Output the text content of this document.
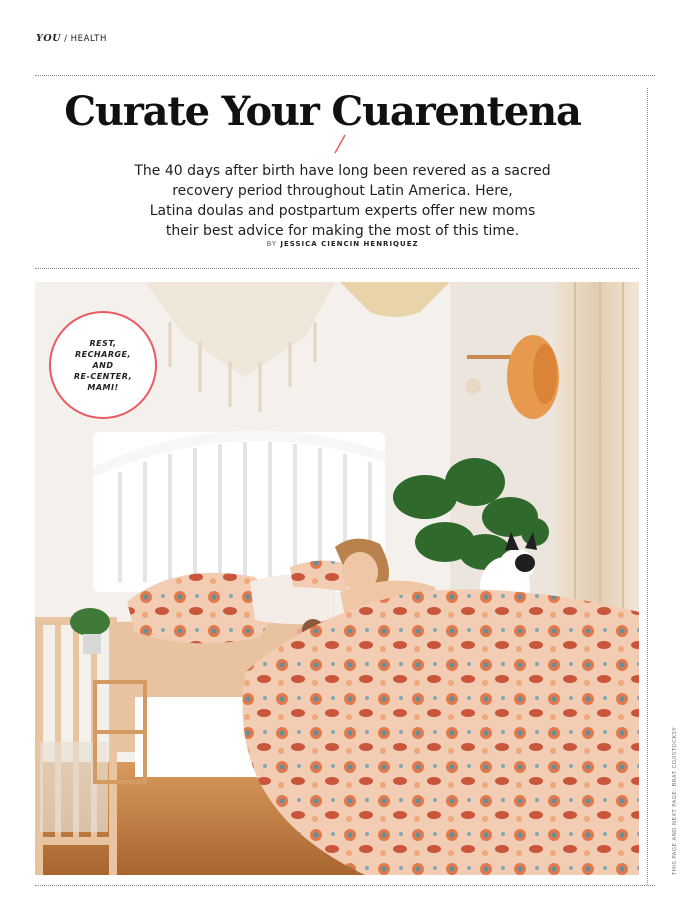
YOU / HEALTH
Curate Your Cuarentena
The 40 days after birth have long been revered as a sacred
recovery period throughout Latin America. Here,
Latina doulas and postpartum experts offer new moms
their best advice for making the most of this time.
BY JESSICA CIENCIN HENRIQUEZ
REST,
RECHARGE,
AND
RE-CENTER,
MAMI!
THIS PAGE AND NEXT PAGE: BRAT CO/ISTOCKSY
